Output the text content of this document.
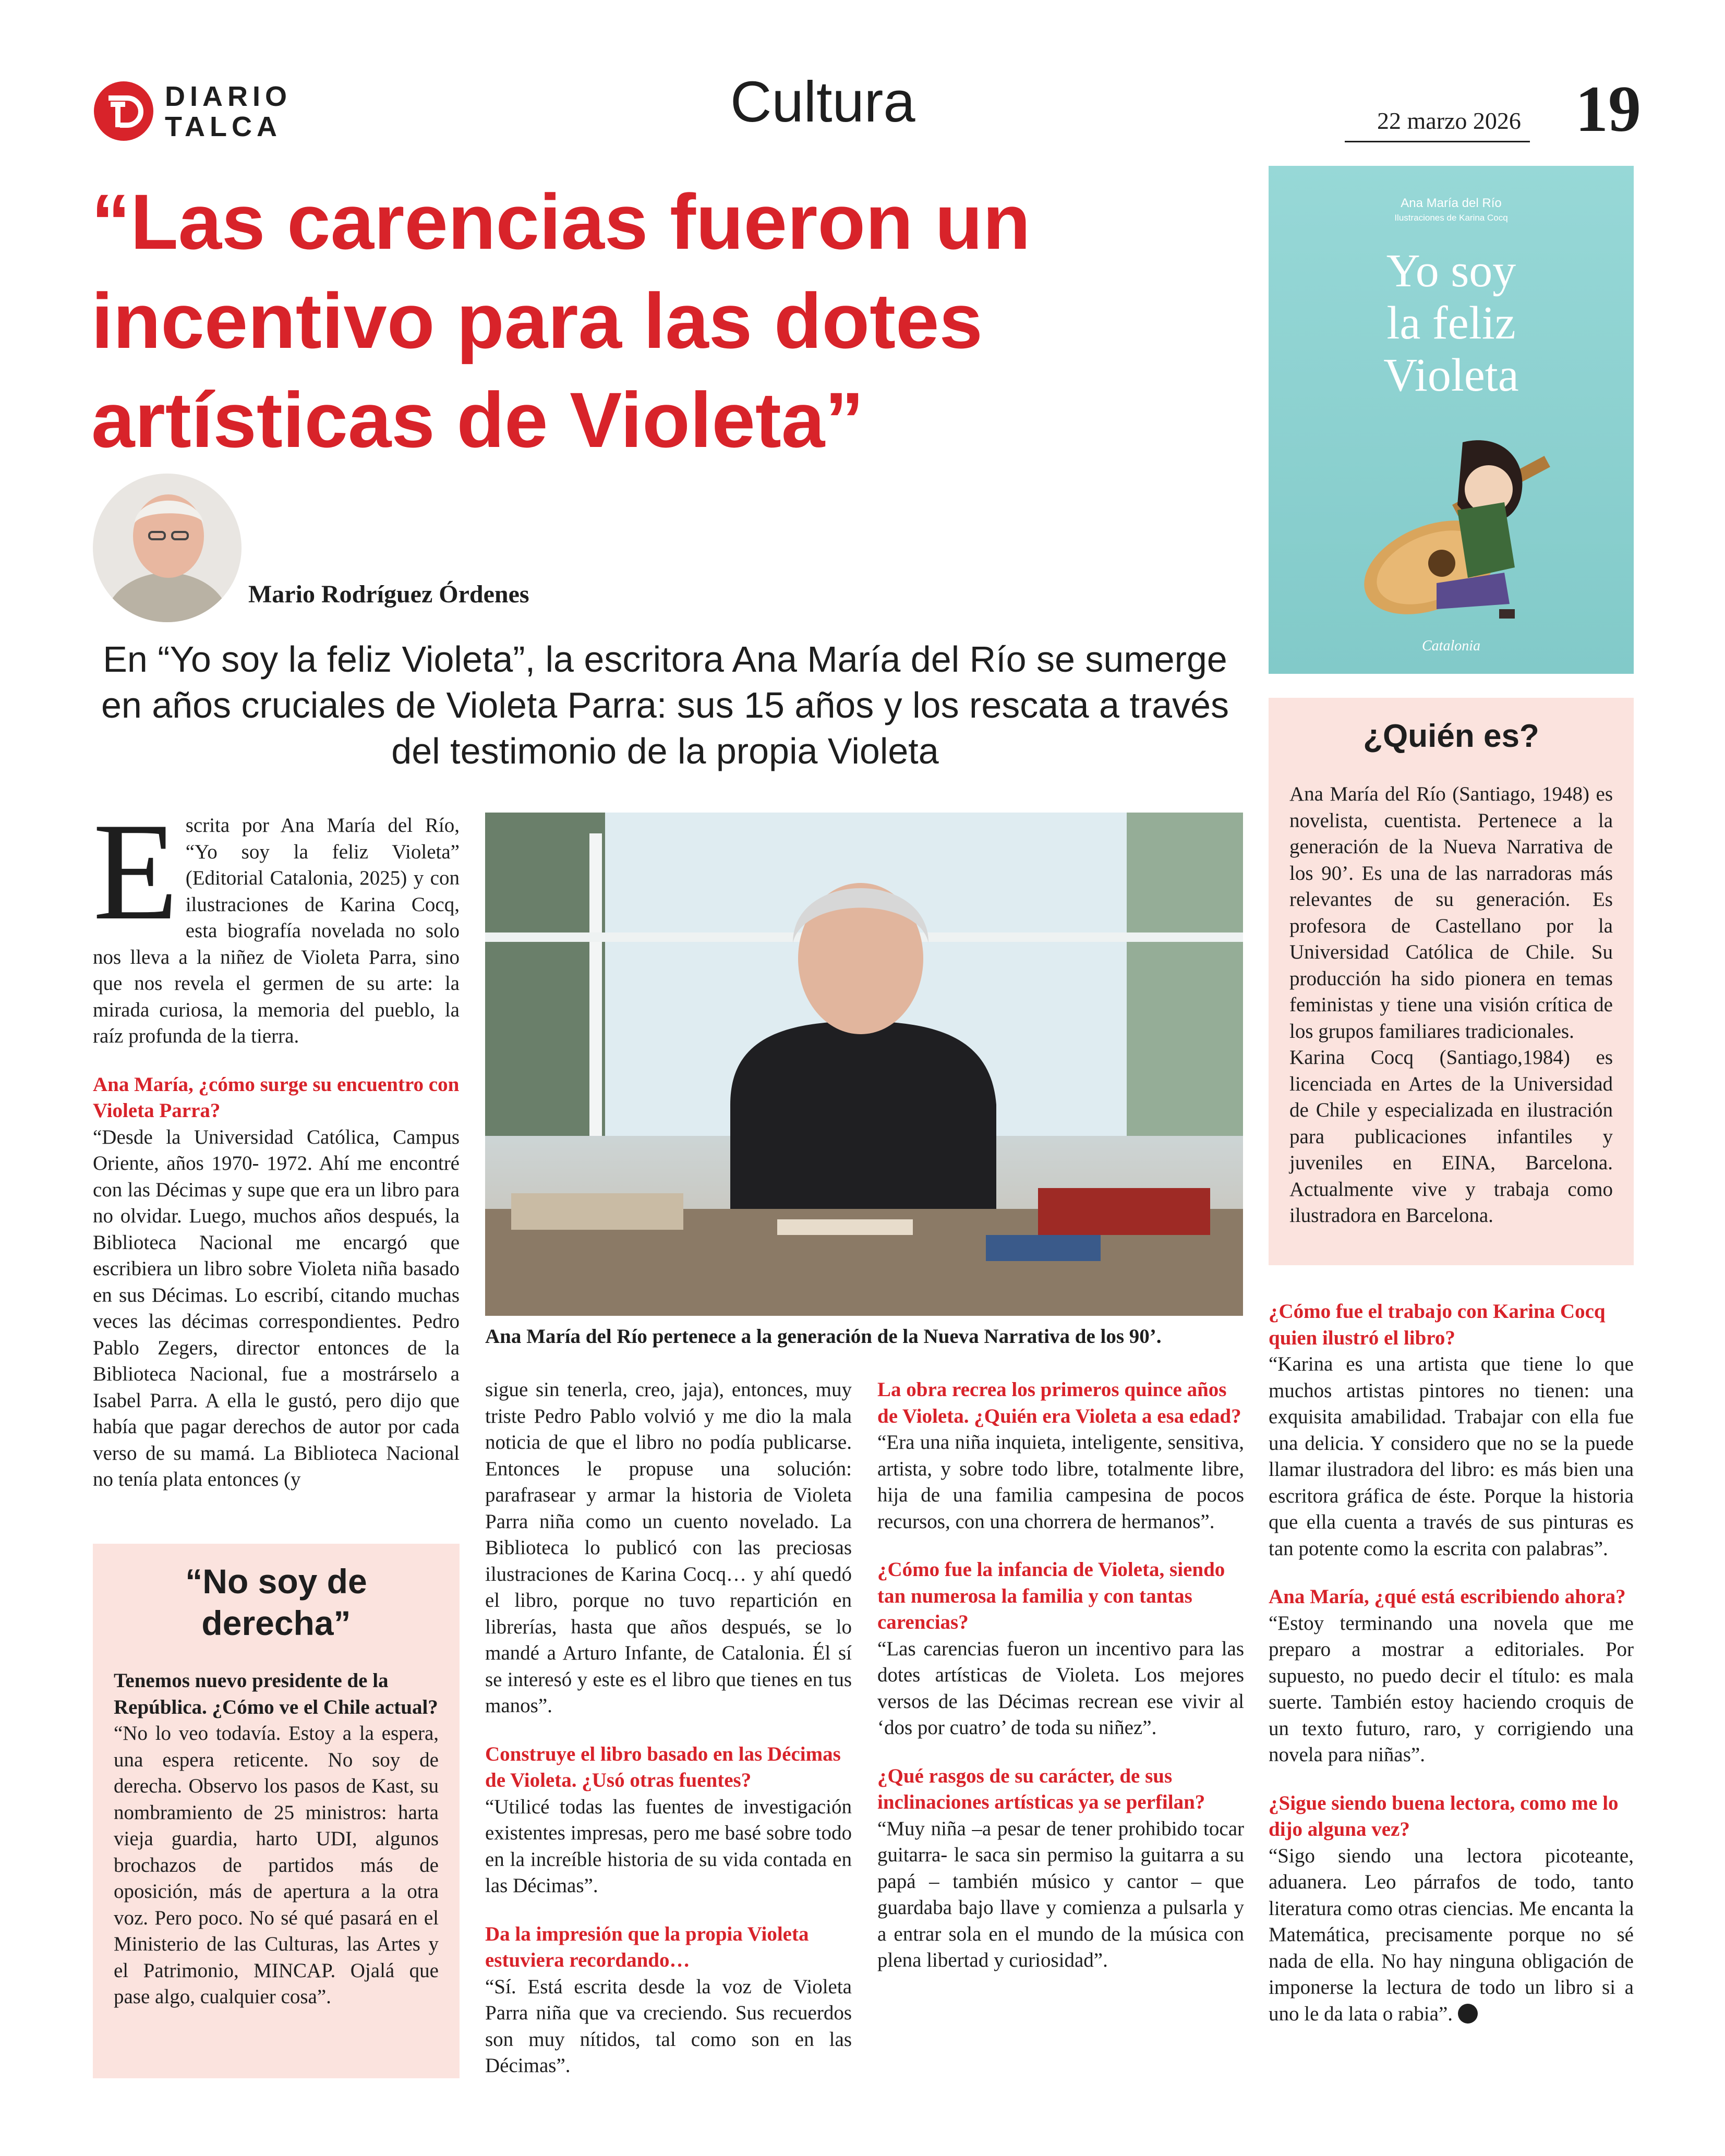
DIARIO
TALCA	Cultura	22 marzo 2026 19
“Las carencias fueron un incentivo para las dotes artísticas de Violeta”
Ana María del Río
Ilustraciones de Karina Cocq
Yo soy
la feliz
Violeta
Catalonia
Mario Rodríguez Órdenes
En “Yo soy la feliz Violeta”, la escritora Ana María del Río se sumerge en años cruciales de Violeta Parra: sus 15 años y los rescata a través del testimonio de la propia Violeta
Ana María del Río pertenece a la generación de la Nueva Narrativa de los 90’.

E scrita por Ana María del Río, “Yo soy la feliz Violeta” (Editorial Catalonia, 2025) y con ilustraciones de Karina Cocq, esta biografía novelada no solo nos lleva a la niñez de Violeta Parra, sino que nos revela el germen de su arte: la mirada curiosa, la memoria del pueblo, la raíz profunda de la tierra.

Ana María, ¿cómo surge su encuentro con Violeta Parra?

“Desde la Universidad Católica, Campus Oriente, años 1970- 1972. Ahí me encontré con las Décimas y supe que era un libro para no olvidar. Luego, muchos años después, la Biblioteca Nacional me encargó que escribiera un libro sobre Violeta niña basado en sus Décimas. Lo escribí, citando muchas veces las décimas correspondientes. Pedro Pablo Zegers, director entonces de la Biblioteca Nacional, fue a mostrárselo a Isabel Parra. A ella le gustó, pero dijo que había que pagar derechos de autor por cada verso de su mamá. La Biblioteca Nacional no tenía plata entonces (y

“No soy de derecha”

Tenemos nuevo presidente de la República. ¿Cómo ve el Chile actual?

“No lo veo todavía. Estoy a la espera, una espera reticente. No soy de derecha. Observo los pasos de Kast, su nombramiento de 25 ministros: harta vieja guardia, harto UDI, algunos brochazos de partidos más de oposición, más de apertura a la otra voz. Pero poco. No sé qué pasará en el Ministerio de las Culturas, las Artes y el Patrimonio, MINCAP. Ojalá que pase algo, cualquier cosa”.

sigue sin tenerla, creo, jaja), entonces, muy triste Pedro Pablo volvió y me dio la mala noticia de que el libro no podía publicarse. Entonces le propuse una solución: parafrasear y armar la historia de Violeta Parra niña como un cuento novelado. La Biblioteca lo publicó con las preciosas ilustraciones de Karina Cocq… y ahí quedó el libro, porque no tuvo repartición en librerías, hasta que años después, se lo mandé a Arturo Infante, de Catalonia. Él sí se interesó y este es el libro que tienes en tus manos”.

Construye el libro basado en las Décimas de Violeta. ¿Usó otras fuentes?

“Utilicé todas las fuentes de investigación existentes impresas, pero me basé sobre todo en la increíble historia de su vida contada en las Décimas”.

Da la impresión que la propia Violeta estuviera recordando…

“Sí. Está escrita desde la voz de Violeta Parra niña que va creciendo. Sus recuerdos son muy nítidos, tal como son en las Décimas”.

La obra recrea los primeros quince años de Violeta. ¿Quién era Violeta a esa edad?

“Era una niña inquieta, inteligente, sensitiva, artista, y sobre todo libre, totalmente libre, hija de una familia campesina de pocos recursos, con una chorrera de hermanos”.

¿Cómo fue la infancia de Violeta, siendo tan numerosa la familia y con tantas carencias?

“Las carencias fueron un incentivo para las dotes artísticas de Violeta. Los mejores versos de las Décimas recrean ese vivir al ‘dos por cuatro’ de toda su niñez”.

¿Qué rasgos de su carácter, de sus inclinaciones artísticas ya se perfilan?

“Muy niña –a pesar de tener prohibido tocar guitarra- le saca sin permiso la guitarra a su papá – también músico y cantor – que guardaba bajo llave y comienza a pulsarla y a entrar sola en el mundo de la música con plena libertad y curiosidad”.

¿Quién es?

Ana María del Río (Santiago, 1948) es novelista, cuentista. Pertenece a la generación de la Nueva Narrativa de los 90’. Es una de las narradoras más relevantes de su generación. Es profesora de Castellano por la Universidad Católica de Chile. Su producción ha sido pionera en temas feministas y tiene una visión crítica de los grupos familiares tradicionales.

Karina Cocq (Santiago,1984) es licenciada en Artes de la Universidad de Chile y especializada en ilustración para publicaciones infantiles y juveniles en EINA, Barcelona. Actualmente vive y trabaja como ilustradora en Barcelona.

¿Cómo fue el trabajo con Karina Cocq quien ilustró el libro?

“Karina es una artista que tiene lo que muchos artistas pintores no tienen: una exquisita amabilidad. Trabajar con ella fue una delicia. Y considero que no se la puede llamar ilustradora del libro: es más bien una escritora gráfica de éste. Porque la historia que ella cuenta a través de sus pinturas es tan potente como la escrita con palabras”.

Ana María, ¿qué está escribiendo ahora?

“Estoy terminando una novela que me preparo a mostrar a editoriales. Por supuesto, no puedo decir el título: es mala suerte. También estoy haciendo croquis de un texto futuro, raro, y corrigiendo una novela para niñas”.

¿Sigue siendo buena lectora, como me lo dijo alguna vez?

“Sigo siendo una lectora picoteante, aduanera. Leo párrafos de todo, tanto literatura como otras ciencias. Me encanta la Matemática, precisamente porque no sé nada de ella. No hay ninguna obligación de imponerse la lectura de todo un libro si a uno le da lata o rabia”.
